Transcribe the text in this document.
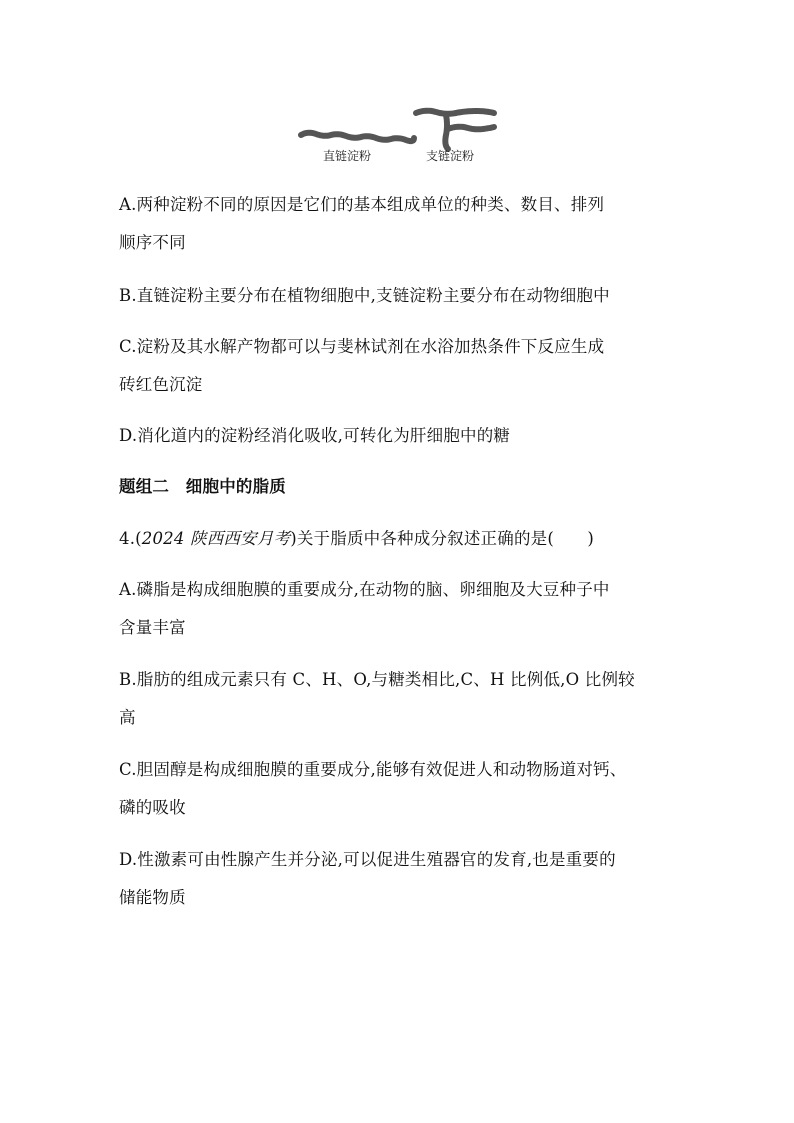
直链淀粉	支链淀粉
A.两种淀粉不同的原因是它们的基本组成单位的种类、数目、排列
顺序不同
B.直链淀粉主要分布在植物细胞中,支链淀粉主要分布在动物细胞中
C.淀粉及其水解产物都可以与斐林试剂在水浴加热条件下反应生成
砖红色沉淀
D.消化道内的淀粉经消化吸收,可转化为肝细胞中的糖
题组二　细胞中的脂质
4.(2024 陕西西安月考)关于脂质中各种成分叙述正确的是(　　)
A.磷脂是构成细胞膜的重要成分,在动物的脑、卵细胞及大豆种子中
含量丰富
B.脂肪的组成元素只有 C、H、O,与糖类相比,C、H 比例低,O 比例较
高
C.胆固醇是构成细胞膜的重要成分,能够有效促进人和动物肠道对钙、
磷的吸收
D.性激素可由性腺产生并分泌,可以促进生殖器官的发育,也是重要的
储能物质
